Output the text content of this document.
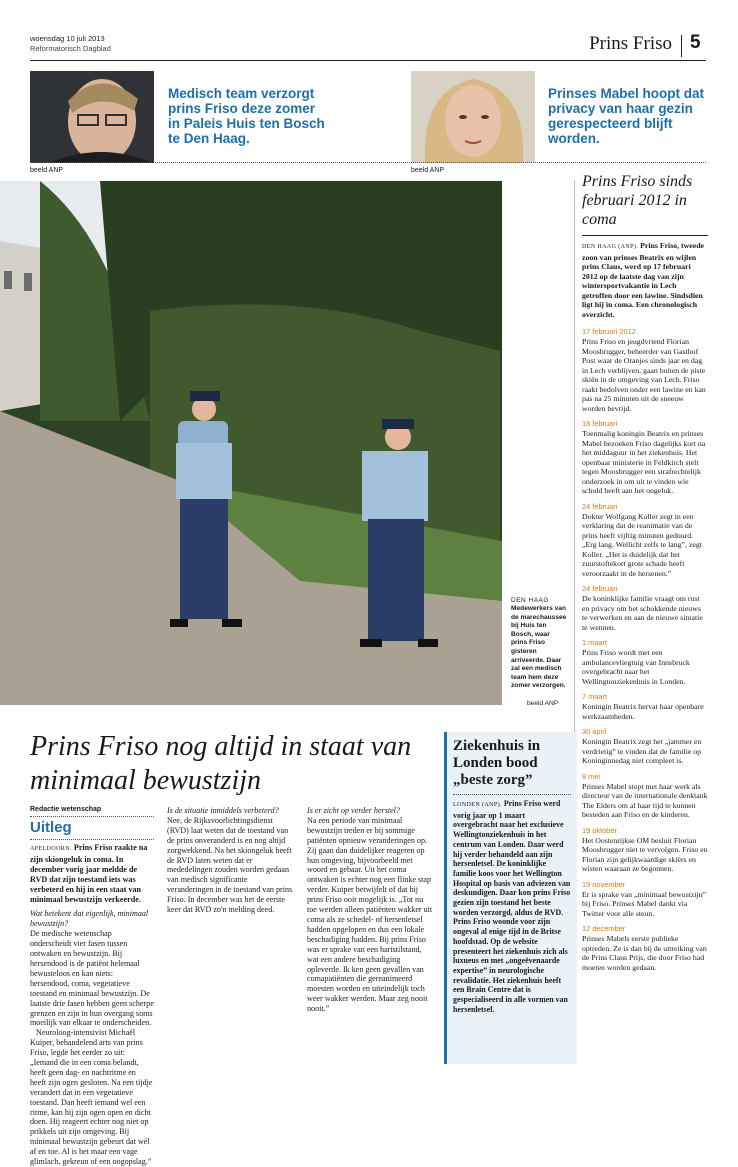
woensdag 10 juli 2013
Reformatorisch Dagblad	Prins Friso 5
Medisch team verzorgt prins Friso deze zomer in Paleis Huis ten Bosch te Den Haag.
beeld ANP
Prinses Mabel hoopt dat privacy van haar gezin gerespecteerd blijft worden.
beeld ANP
DEN HAAG
Medewerkers van de marechaussee bij Huis ten Bosch, waar prins Friso gisteren arriveerde. Daar zal een medisch team hem deze zomer verzorgen.
beeld ANP
Prins Friso sinds februari 2012 in coma
DEN HAAG (ANP). Prins Friso, tweede zoon van prinses Beatrix en wijlen prins Claus, werd op 17 februari 2012 op de laatste dag van zijn wintersportvakantie in Lech getroffen door een lawine. Sindsdien ligt hij in coma. Een chronologisch overzicht.
17 februari 2012
Prins Friso en jeugdvriend Florian Moosbrugger, beheerder van Gasthof Post waar de Oranjes sinds jaar en dag in Lech verblijven, gaan buiten de piste skiën in de omgeving van Lech. Friso raakt bedolven onder een lawine en kan pas na 25 minuten uit de sneeuw worden bevrijd.
18 februari
Toenmalig koningin Beatrix en prinses Mabel bezoeken Friso dagelijks kort na het middaguur in het ziekenhuis. Het openbaar ministerie in Feldkirch stelt tegen Moosbrugger een strafrechtelijk onderzoek in om uit te vinden wie schuld heeft aan het ongeluk.
24 februari
Dokter Wolfgang Koller zegt in een verklaring dat de reanimatie van de prins heeft vijftig minuten geduurd. „Erg lang. Wellicht zelfs te lang”, zegt Koller. „Het is duidelijk dat het zuurstoftekort grote schade heeft veroorzaakt in de hersenen.”
24 februari
De koninklijke familie vraagt om rust en privacy om het schokkende nieuws te verwerken en aan de nieuwe situatie te wennen.
1 maart
Prins Friso wordt met een ambulancevliegtuig van Innsbruck overgebracht naar het Wellingtonziekenhuis in Londen.
7 maart
Koningin Beatrix hervat haar openbare werkzaamheden.
30 april
Koningin Beatrix zegt het „jammer en verdrietig” te vinden dat de familie op Koninginnedag niet compleet is.
8 mei
Prinses Mabel stopt met haar werk als directeur van de internationale denktank The Elders om al haar tijd te kunnen besteden aan Friso en de kinderen.
19 oktober
Het Oostenrijkse OM besluit Florian Moosbrugger niet te vervolgen. Friso en Florian zijn gelijkwaardige skiërs en wisten waaraan ze begonnen.
19 november
Er is sprake van „minimaal bewustzijn” bij Friso. Prinses Mabel dankt via Twitter voor alle steun.
12 december
Prinses Mabels eerste publieke optreden. Ze is dan bij de uitreiking van de Prins Claus Prijs, die door Friso had moeten worden gedaan.
Prins Friso nog altijd in staat van minimaal bewustzijn
Redactie wetenschap
Uitleg
APELDOORN. Prins Friso raakte na zijn skiongeluk in coma. In december vorig jaar meldde de RVD dat zijn toestand iets was verbeterd en hij in een staat van minimaal bewustzijn verkeerde.
Wat betekent dat eigenlijk, minimaal bewustzijn?
De medische wetenschap onderscheidt vier fasen tussen ontwaken en bewustzijn. Bij hersendood is de patiënt helemaal bewusteloos en kan niets: hersendood, coma, vegetatieve toestand en minimaal bewustzijn. De laatste drie fasen hebben geen scherpe grenzen en zijn in hun overgang soms moeilijk van elkaar te onderscheiden.
Neuroloog-intensivist Michaël Kuiper, behandelend arts van prins Friso, legde het eerder zo uit: „Iemand die in een coma belandt, heeft geen dag- en nachtritme en heeft zijn ogen gesloten. Na een tijdje verandert dat in een vegetatieve toestand. Dan heeft iemand wel een ritme, kan hij zijn ogen open en dicht doen. Hij reageert echter nog niet op prikkels uit zijn omgeving. Bij minimaal bewustzijn gebeurt dat wél af en toe. Al is het maar een vage glimlach, gekreun of een oogopslag.”
Is de situatie inmiddels verbeterd?
Nee, de Rijksvoorlichtingsdienst (RVD) laat weten dat de toestand van de prins onveranderd is en nog altijd zorgwekkend. Na het skiongeluk heeft de RVD laten weten dat er mededelingen zouden worden gedaan van medisch significante veranderingen in de toestand van prins Friso. In december was het de eerste keer dat RVD zo'n melding deed.
Is er zicht op verder herstel?
Na een periode van minimaal bewustzijn treden er bij sommige patiënten opnieuw veranderingen op. Zij gaan dan duidelijker reageren op hun omgeving, bijvoorbeeld met woord en gebaar. Uit het coma ontwaken is echter nog een flinke stap verder. Kuiper betwijfelt of dat bij prins Friso ooit mogelijk is. „Tot nu toe werden alleen patiënten wakker uit coma als ze schedel- of hersenletsel hadden opgelopen en dus een lokale beschadiging hadden. Bij prins Friso was er sprake van een hartstilstand, wat een andere beschadiging opleverde. Ik ken geen gevallen van comapatiënten die gereanimeerd moesten worden en uiteindelijk toch weer wakker werden. Maar zeg nooit nooit.”
Ziekenhuis in Londen bood „beste zorg”
LONDEN (ANP). Prins Friso werd vorig jaar op 1 maart overgebracht naar het exclusieve Wellingtonziekenhuis in het centrum van Londen. Daar werd hij verder behandeld aan zijn hersenletsel. De koninklijke familie koos voor het Wellington Hospital op basis van adviezen van deskundigen. Daar kon prins Friso gezien zijn toestand het beste worden verzorgd, aldus de RVD. Prins Friso woonde voor zijn ongeval al enige tijd in de Britse hoofdstad. Op de website presenteert het ziekenhuis zich als luxueus en met „ongeëvenaarde expertise” in neurologische revalidatie. Het ziekenhuis heeft een Brain Centre dat is gespecialiseerd in alle vormen van hersenletsel.
